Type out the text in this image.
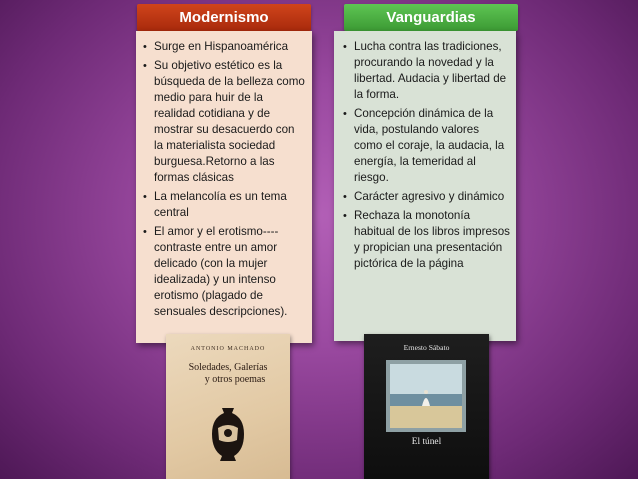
Modernismo	Vanguardias
• Surge en Hispanoamérica
• Su objetivo estético es la búsqueda de la belleza como medio para huir de la realidad cotidiana y de mostrar su desacuerdo con la materialista sociedad burguesa.Retorno a las formas clásicas
• La melancolía es un tema central
• El amor y el erotismo---- contraste entre un amor delicado (con la mujer idealizada) y un intenso erotismo (plagado de sensuales descripciones).
• Lucha contra las tradiciones, procurando la novedad y la libertad. Audacia y libertad de la forma.
• Concepción dinámica de la vida, postulando valores como el coraje, la audacia, la energía, la temeridad al riesgo.
• Carácter agresivo y dinámico
• Rechaza la monotonía habitual de los libros impresos y propician una presentación pictórica de la página
ANTONIO MACHADO
Soledades, Galerías
y otros poemas
Ernesto Sábato
El túnel
